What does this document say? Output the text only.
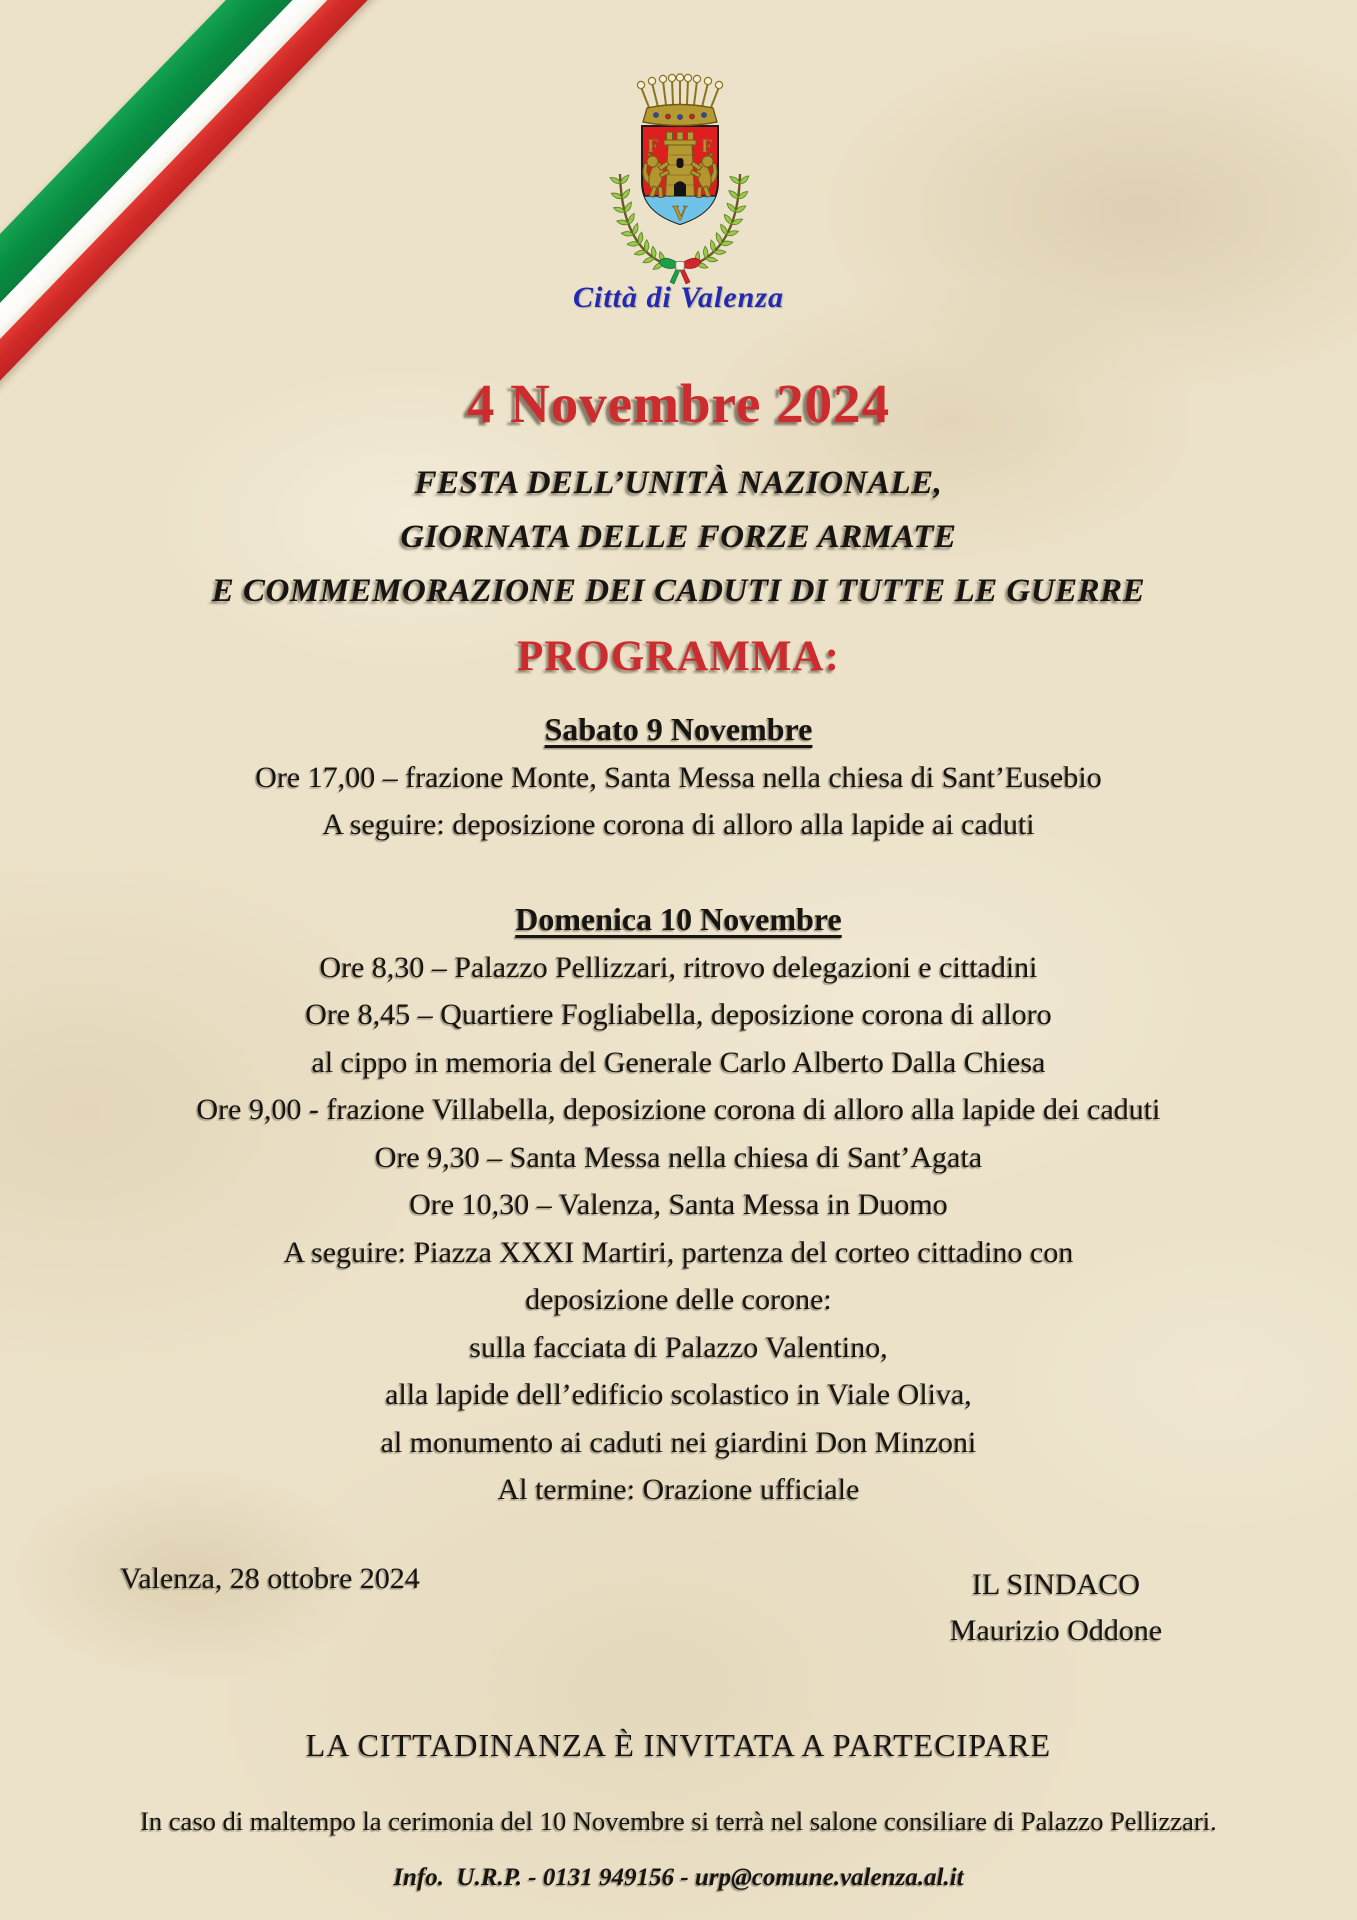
F F
V
Città di Valenza
4 Novembre 2024
FESTA DELL’UNITÀ NAZIONALE,
GIORNATA DELLE FORZE ARMATE
E COMMEMORAZIONE DEI CADUTI DI TUTTE LE GUERRE
PROGRAMMA:
Sabato 9 Novembre
Ore 17,00 – frazione Monte, Santa Messa nella chiesa di Sant’Eusebio
A seguire: deposizione corona di alloro alla lapide ai caduti
Domenica 10 Novembre
Ore 8,30 – Palazzo Pellizzari, ritrovo delegazioni e cittadini
Ore 8,45 – Quartiere Fogliabella, deposizione corona di alloro
al cippo in memoria del Generale Carlo Alberto Dalla Chiesa
Ore 9,00 - frazione Villabella, deposizione corona di alloro alla lapide dei caduti
Ore 9,30 – Santa Messa nella chiesa di Sant’Agata
Ore 10,30 – Valenza, Santa Messa in Duomo
A seguire: Piazza XXXI Martiri, partenza del corteo cittadino con
deposizione delle corone:
sulla facciata di Palazzo Valentino,
alla lapide dell’edificio scolastico in Viale Oliva,
al monumento ai caduti nei giardini Don Minzoni
Al termine: Orazione ufficiale
Valenza, 28 ottobre 2024	IL SINDACO
Maurizio Oddone
LA CITTADINANZA È INVITATA A PARTECIPARE
In caso di maltempo la cerimonia del 10 Novembre si terrà nel salone consiliare di Palazzo Pellizzari.
Info.  U.R.P. - 0131 949156 - urp@comune.valenza.al.it
